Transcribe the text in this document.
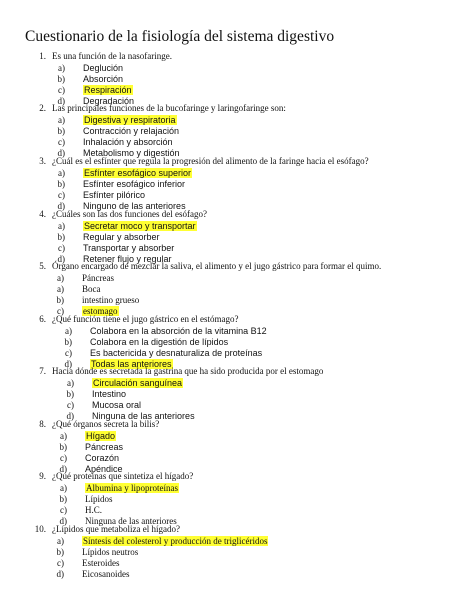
Cuestionario de la fisiología del sistema digestivo
1. Es una función de la nasofaringe.
a) Deglución
b) Absorción
c) Respiración
d) Degradación
2. Las principales funciones de la bucofaringe y laringofaringe son:
a) Digestiva y respiratoria
b) Contracción y relajación
c) Inhalación y absorción
d) Metabolismo y digestión
3. ¿Cuál es el esfínter que regula la progresión del alimento de la faringe hacia el esófago?
a) Esfínter esofágico superior
b) Esfínter esofágico inferior
c) Esfínter pilórico
d) Ninguno de las anteriores
4. ¿Cuáles son las dos funciones del esófago?
a) Secretar moco y transportar
b) Regular y absorber
c) Transportar y absorber
d) Retener flujo y regular
5. Órgano encargado de mezclar la saliva, el alimento y el jugo gástrico para formar el quimo.
a) Páncreas
a) Boca
b) intestino grueso
c) estomago
6. ¿Qué función tiene el jugo gástrico en el estómago?
a) Colabora en la absorción de la vitamina B12
b) Colabora en la digestión de lípidos
c) Es bactericida y desnaturaliza de proteínas
d) Todas las anteriores
7. Hacia dónde es secretada la gastrina que ha sido producida por el estomago
a) Circulación sanguínea
b) Intestino
c) Mucosa oral
d) Ninguna de las anteriores
8. ¿Qué órganos secreta la bilis?
a) Hígado
b) Páncreas
c) Corazón
d) Apéndice
9. ¿Qué proteínas que sintetiza el hígado?
a) Albumina y lipoproteínas
b) Lípidos
c) H.C.
d) Ninguna de las anteriores
10. ¿Lípidos que metaboliza el hígado?
a) Síntesis del colesterol y producción de triglicéridos
b) Lípidos neutros
c) Esteroides
d) Eicosanoides
